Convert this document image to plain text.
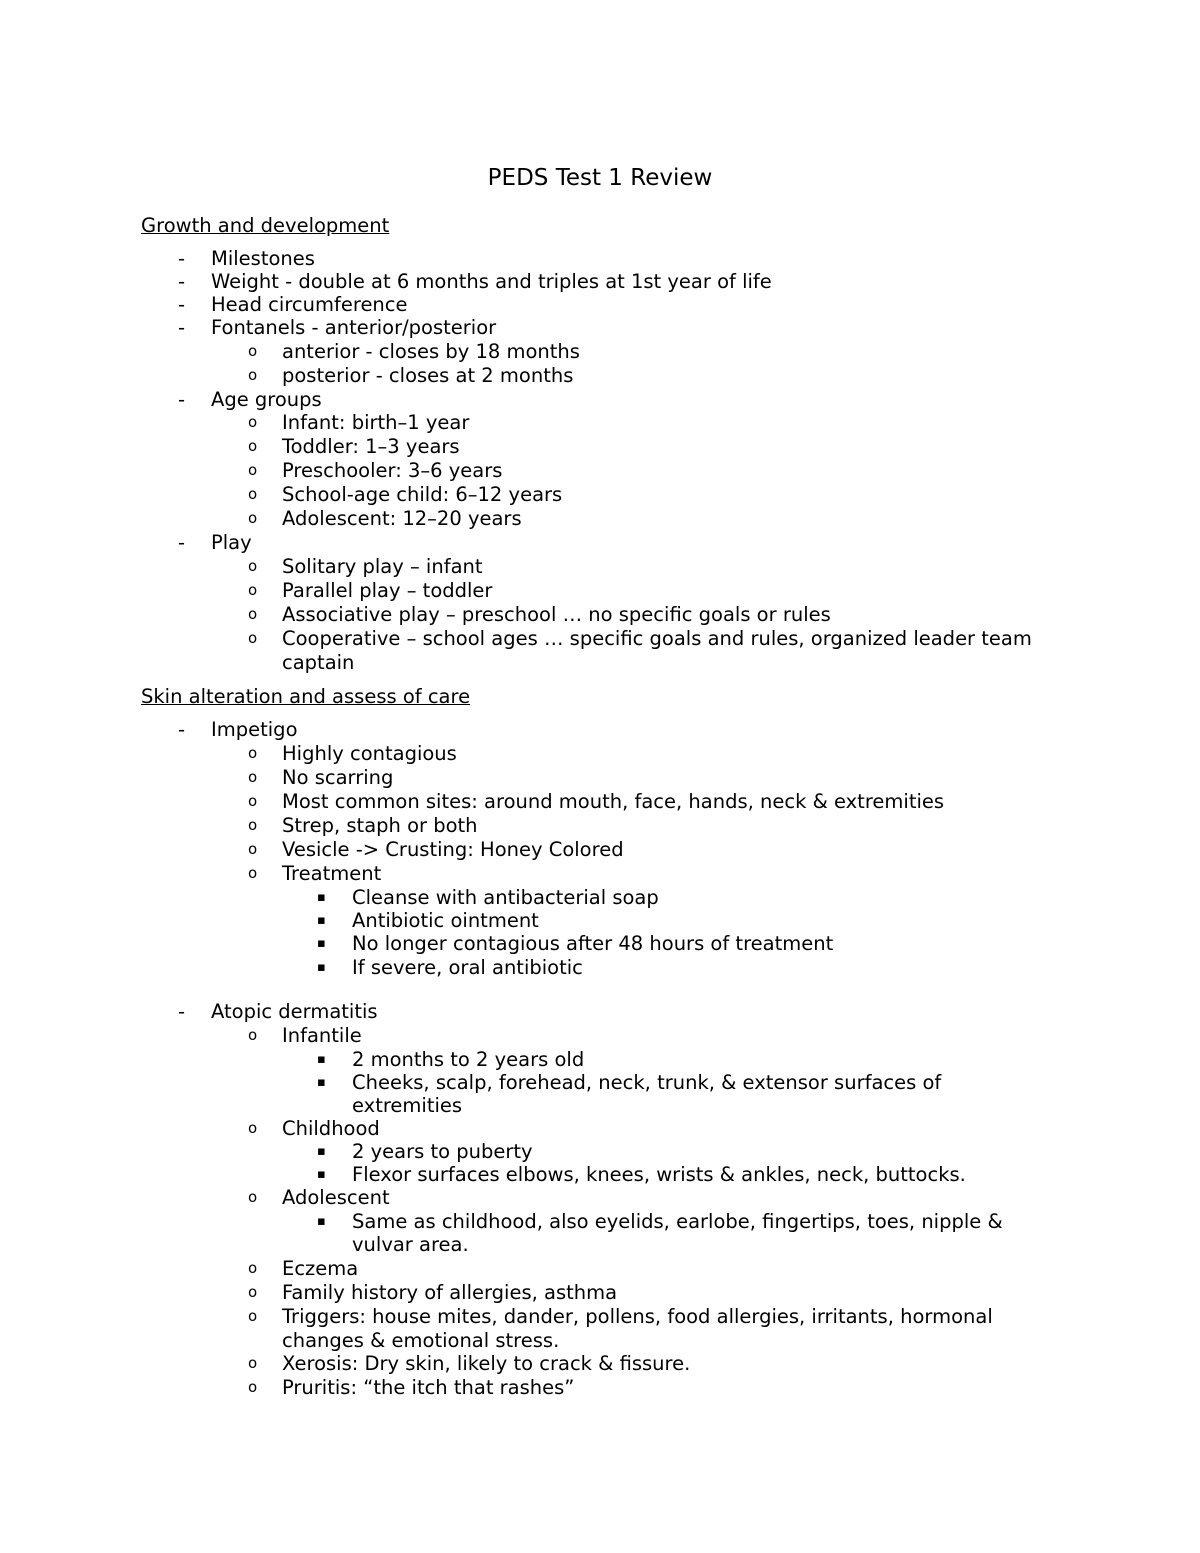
PEDS Test 1 Review
Growth and development
- Milestones
- Weight - double at 6 months and triples at 1st year of life
- Head circumference
- Fontanels - anterior/posterior
o anterior - closes by 18 months
o posterior - closes at 2 months
- Age groups
o Infant: birth–1 year
o Toddler: 1–3 years
o Preschooler: 3–6 years
o School-age child: 6–12 years
o Adolescent: 12–20 years
- Play
o Solitary play – infant
o Parallel play – toddler
o Associative play – preschool … no specific goals or rules
o Cooperative – school ages … specific goals and rules, organized leader team
captain
Skin alteration and assess of care
- Impetigo
o Highly contagious
o No scarring
o Most common sites: around mouth, face, hands, neck & extremities
o Strep, staph or both
o Vesicle -> Crusting: Honey Colored
o Treatment
▪ Cleanse with antibacterial soap
▪ Antibiotic ointment
▪ No longer contagious after 48 hours of treatment
▪ If severe, oral antibiotic
- Atopic dermatitis
o Infantile
▪ 2 months to 2 years old
▪ Cheeks, scalp, forehead, neck, trunk, & extensor surfaces of
extremities
o Childhood
▪ 2 years to puberty
▪ Flexor surfaces elbows, knees, wrists & ankles, neck, buttocks.
o Adolescent
▪ Same as childhood, also eyelids, earlobe, fingertips, toes, nipple &
vulvar area.
o Eczema
o Family history of allergies, asthma
o Triggers: house mites, dander, pollens, food allergies, irritants, hormonal
changes & emotional stress.
o Xerosis: Dry skin, likely to crack & fissure.
o Pruritis: “the itch that rashes”
